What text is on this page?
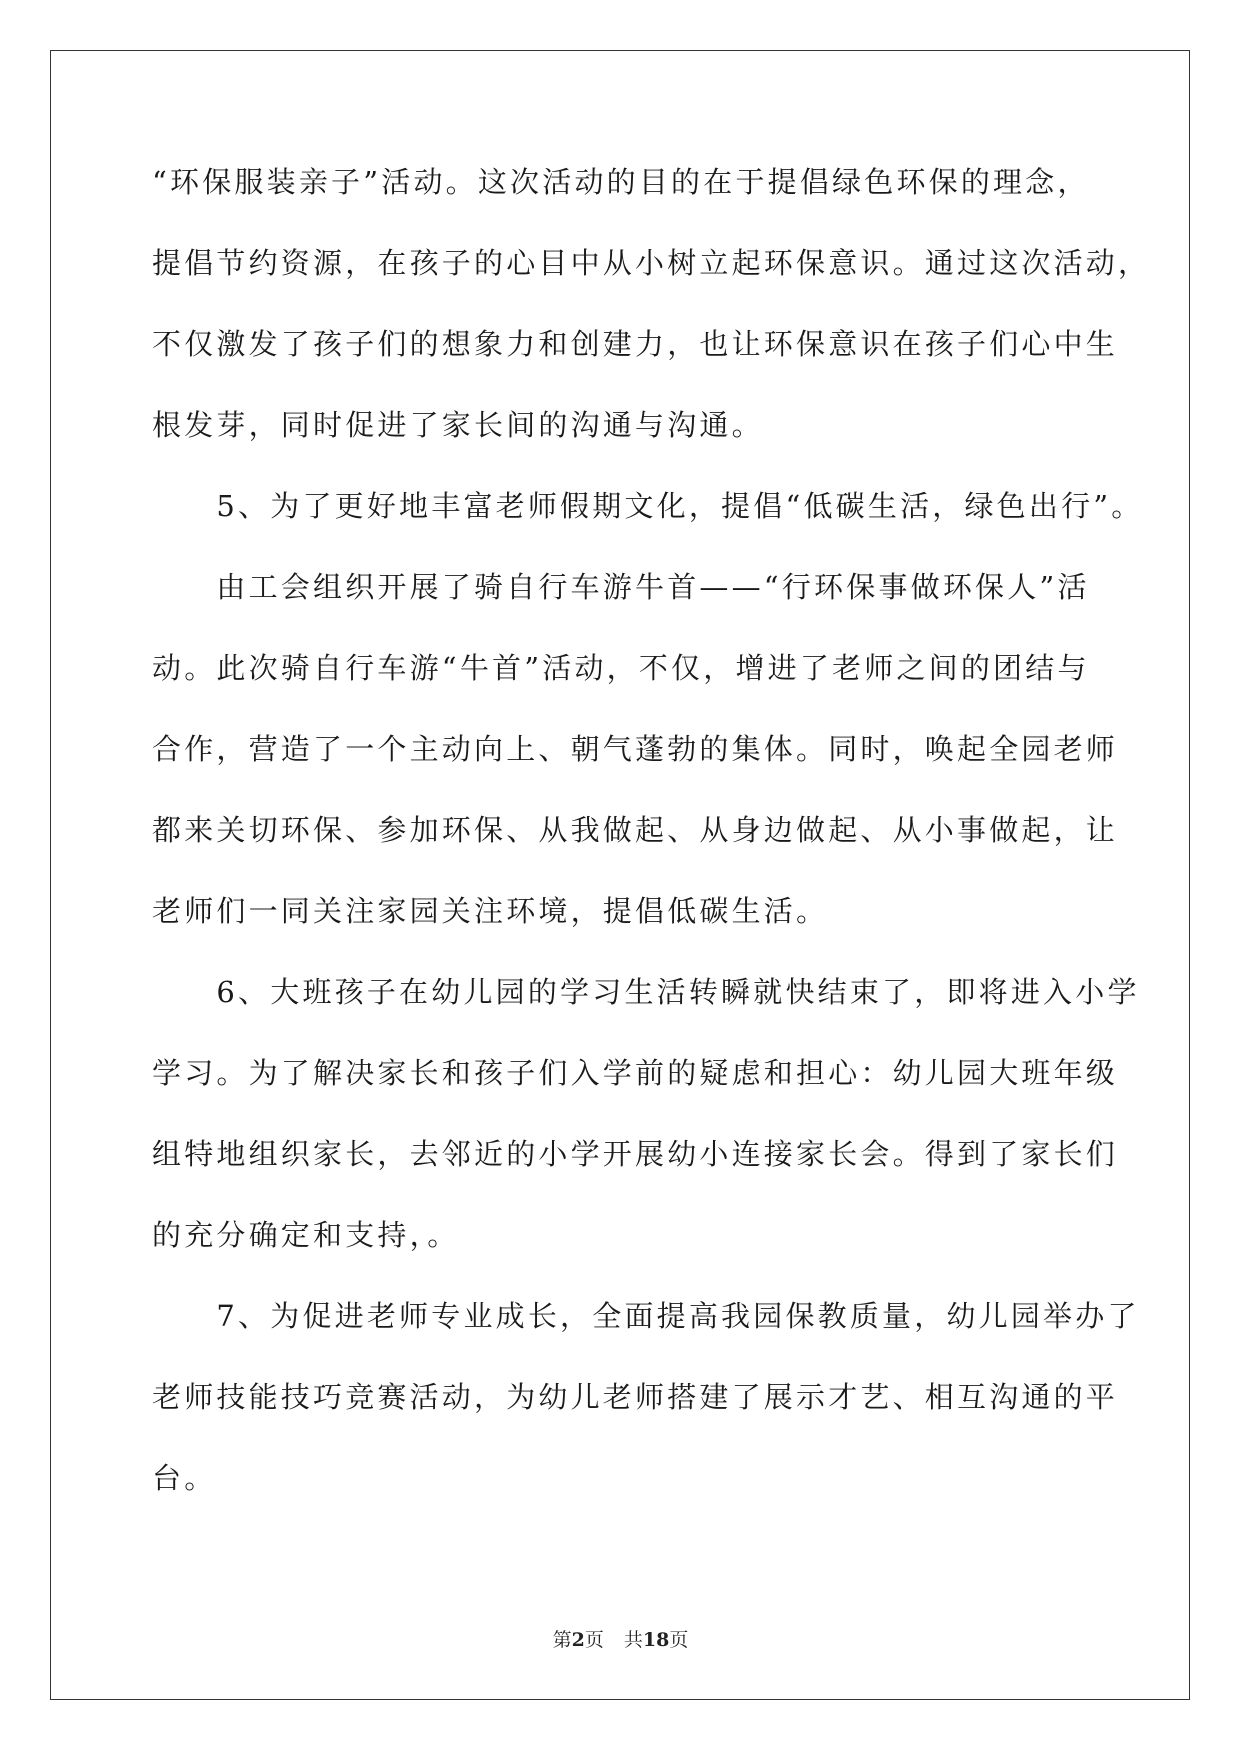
“环保服装亲子”活动。这次活动的目的在于提倡绿色环保的理念，
提倡节约资源，在孩子的心目中从小树立起环保意识。通过这次活动，
不仅激发了孩子们的想象力和创建力，也让环保意识在孩子们心中生
根发芽，同时促进了家长间的沟通与沟通。
　　5、为了更好地丰富老师假期文化，提倡“低碳生活，绿色出行”。
　　由工会组织开展了骑自行车游牛首——“行环保事做环保人”活
动。此次骑自行车游“牛首”活动，不仅，增进了老师之间的团结与
合作，营造了一个主动向上、朝气蓬勃的集体。同时，唤起全园老师
都来关切环保、参加环保、从我做起、从身边做起、从小事做起，让
老师们一同关注家园关注环境，提倡低碳生活。
　　6、大班孩子在幼儿园的学习生活转瞬就快结束了，即将进入小学
学习。为了解决家长和孩子们入学前的疑虑和担心：幼儿园大班年级
组特地组织家长，去邻近的小学开展幼小连接家长会。得到了家长们
的充分确定和支持，。
　　7、为促进老师专业成长，全面提高我园保教质量，幼儿园举办了
老师技能技巧竞赛活动，为幼儿老师搭建了展示才艺、相互沟通的平
台。
第2页 共18页
